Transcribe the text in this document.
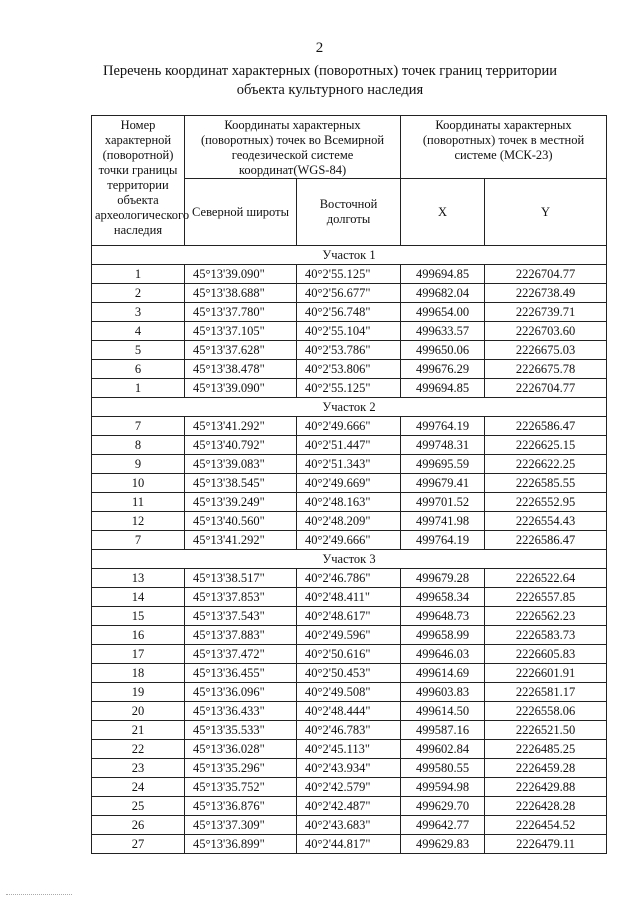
2
Перечень координат характерных (поворотных) точек границ территории
объекта культурного наследия
Номер характерной (поворотной) точки границы территории объекта археологического наследия	Координаты характерных (поворотных) точек во Всемирной геодезической системе координат(WGS-84)		Координаты характерных (поворотных) точек в местной системе (МСК-23)	
	Северной широты	Восточной долготы	X	Y
Участок 1				
1	45°13'39.090"	40°2'55.125"	499694.85	2226704.77
2	45°13'38.688"	40°2'56.677"	499682.04	2226738.49
3	45°13'37.780"	40°2'56.748"	499654.00	2226739.71
4	45°13'37.105"	40°2'55.104"	499633.57	2226703.60
5	45°13'37.628"	40°2'53.786"	499650.06	2226675.03
6	45°13'38.478"	40°2'53.806"	499676.29	2226675.78
1	45°13'39.090"	40°2'55.125"	499694.85	2226704.77
Участок 2				
7	45°13'41.292"	40°2'49.666"	499764.19	2226586.47
8	45°13'40.792"	40°2'51.447"	499748.31	2226625.15
9	45°13'39.083"	40°2'51.343"	499695.59	2226622.25
10	45°13'38.545"	40°2'49.669"	499679.41	2226585.55
11	45°13'39.249"	40°2'48.163"	499701.52	2226552.95
12	45°13'40.560"	40°2'48.209"	499741.98	2226554.43
7	45°13'41.292"	40°2'49.666"	499764.19	2226586.47
Участок 3				
13	45°13'38.517"	40°2'46.786"	499679.28	2226522.64
14	45°13'37.853"	40°2'48.411"	499658.34	2226557.85
15	45°13'37.543"	40°2'48.617"	499648.73	2226562.23
16	45°13'37.883"	40°2'49.596"	499658.99	2226583.73
17	45°13'37.472"	40°2'50.616"	499646.03	2226605.83
18	45°13'36.455"	40°2'50.453"	499614.69	2226601.91
19	45°13'36.096"	40°2'49.508"	499603.83	2226581.17
20	45°13'36.433"	40°2'48.444"	499614.50	2226558.06
21	45°13'35.533"	40°2'46.783"	499587.16	2226521.50
22	45°13'36.028"	40°2'45.113"	499602.84	2226485.25
23	45°13'35.296"	40°2'43.934"	499580.55	2226459.28
24	45°13'35.752"	40°2'42.579"	499594.98	2226429.88
25	45°13'36.876"	40°2'42.487"	499629.70	2226428.28
26	45°13'37.309"	40°2'43.683"	499642.77	2226454.52
27	45°13'36.899"	40°2'44.817"	499629.83	2226479.11
